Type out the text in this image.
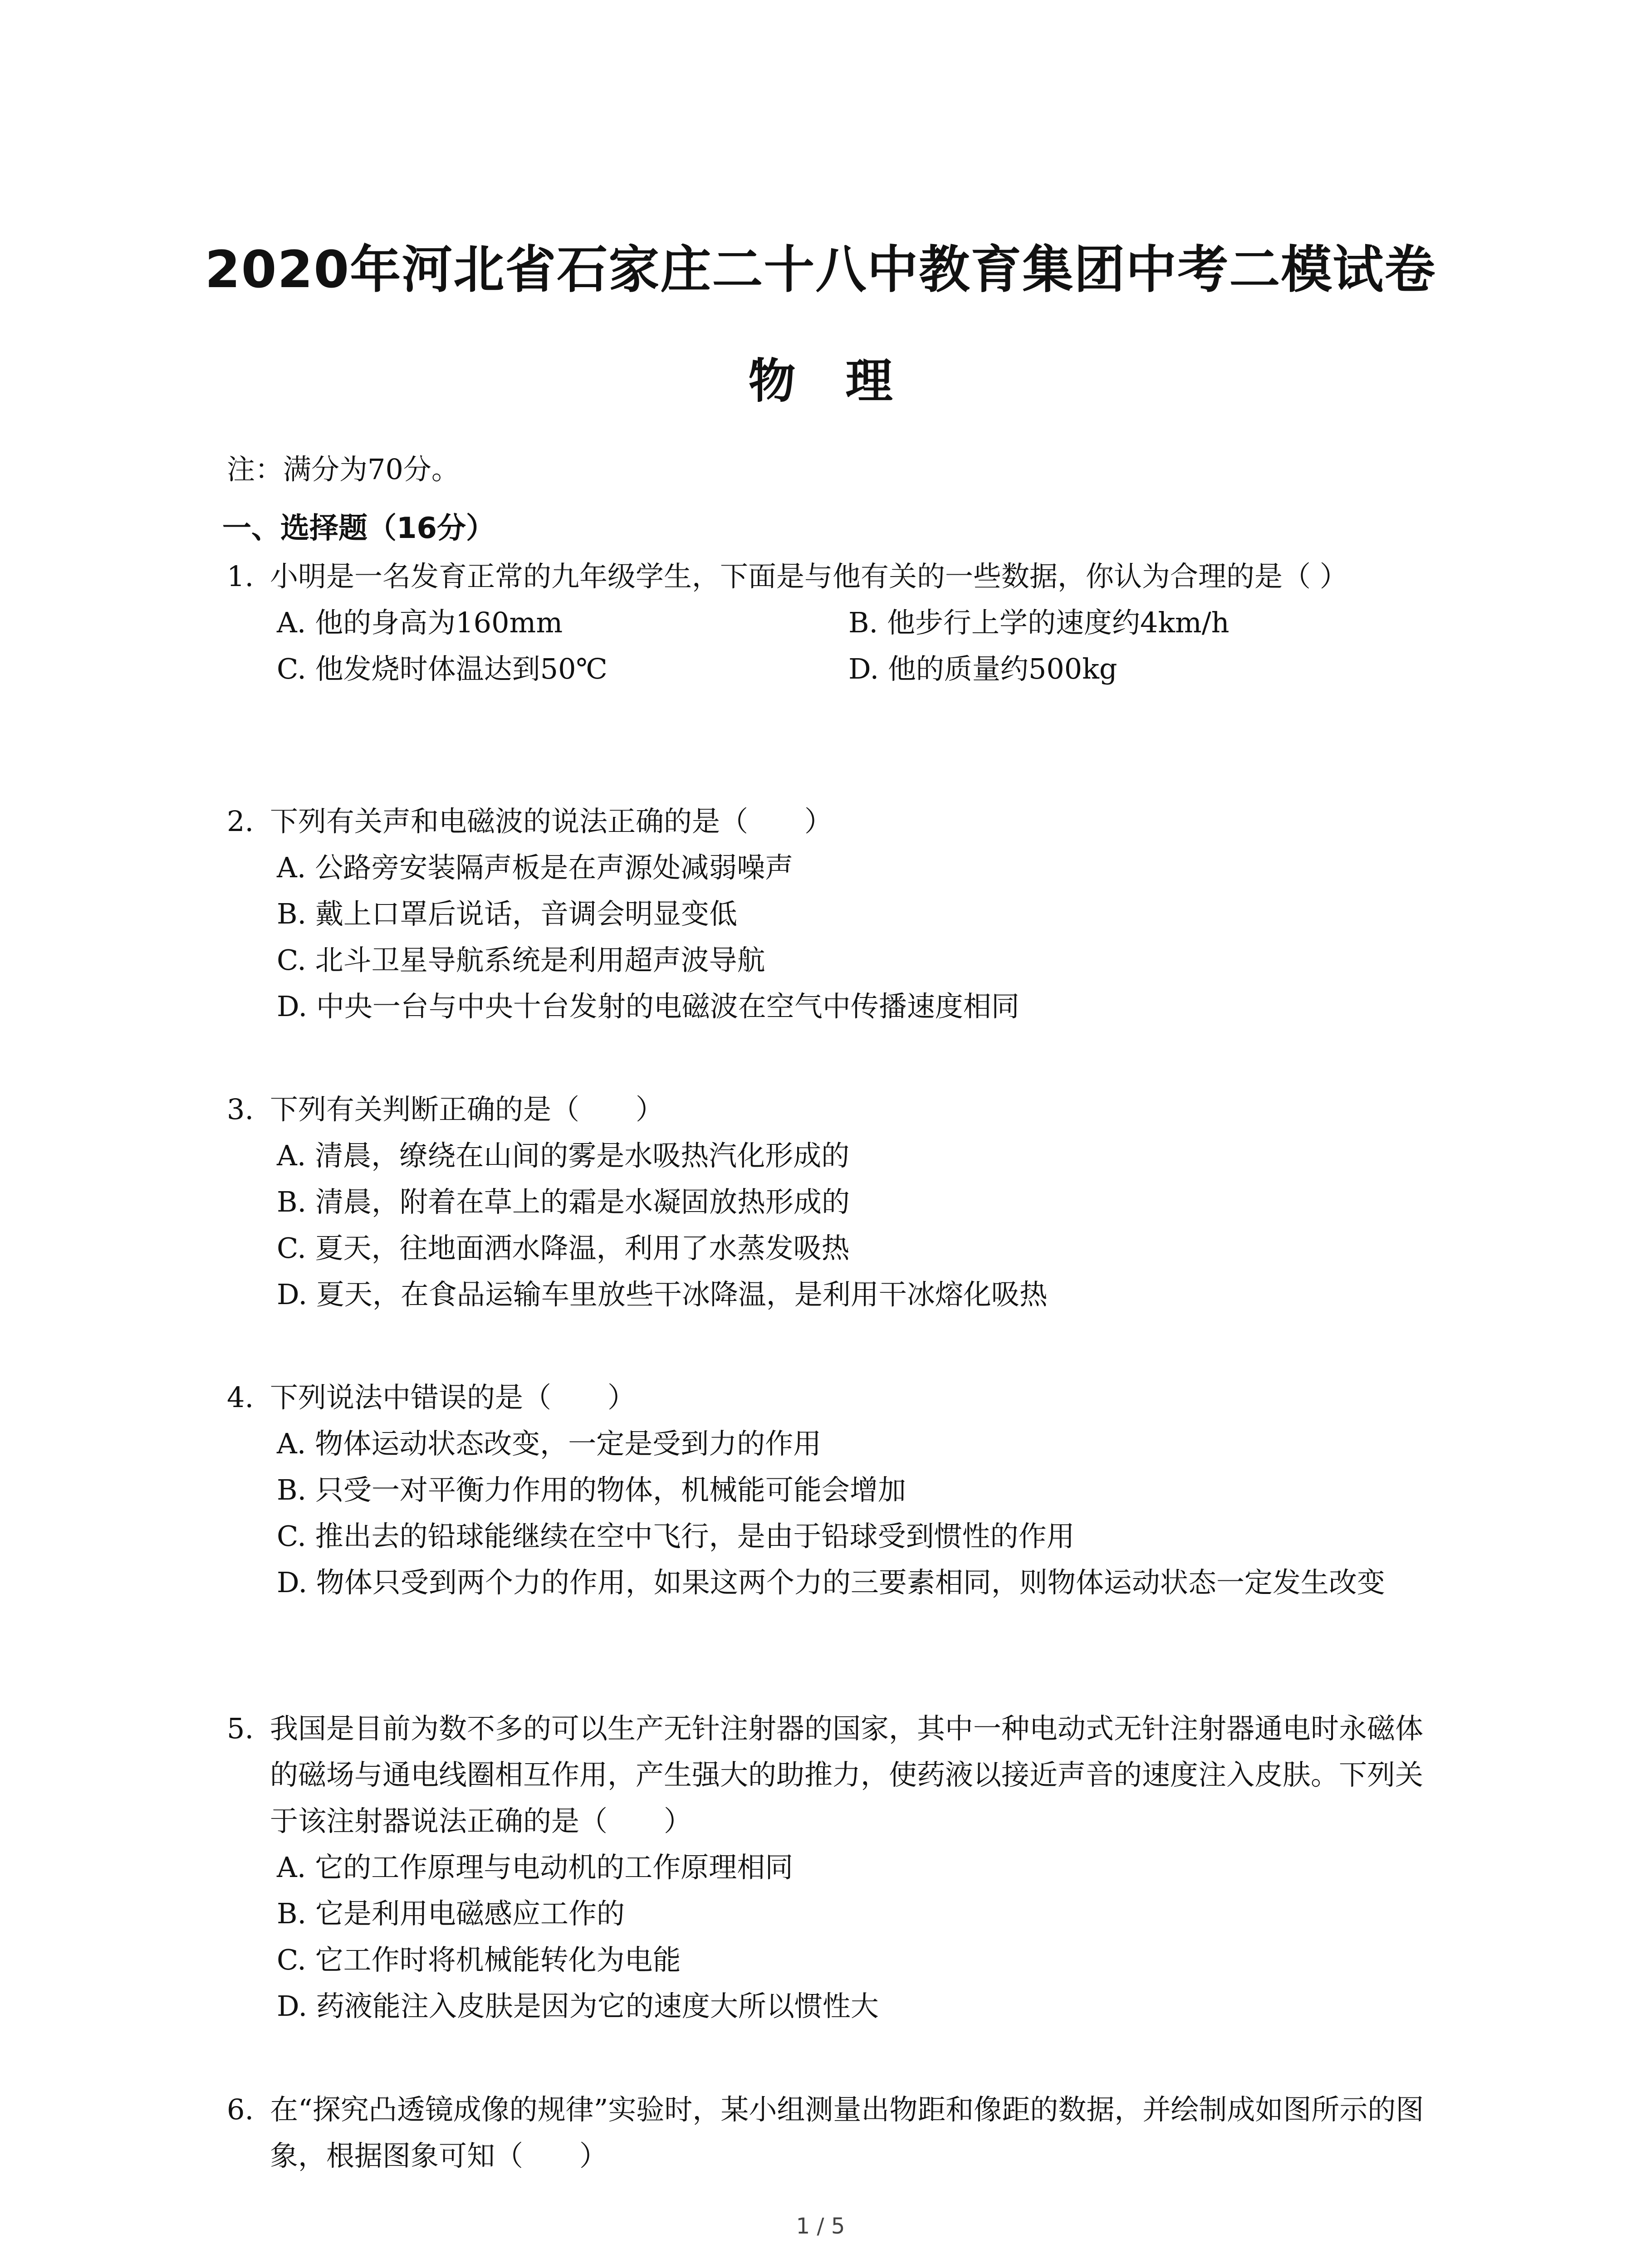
2020年河北省石家庄二十八中教育集团中考二模试卷
物理
注：满分为70分。
一、选择题（16分）
1. 小明是一名发育正常的九年级学生，下面是与他有关的一些数据，你认为合理的是（ ）
A. 他的身高为160mm	B. 他步行上学的速度约4km/h
C. 他发烧时体温达到50℃	D. 他的质量约500kg
2. 下列有关声和电磁波的说法正确的是（　　）
A. 公路旁安装隔声板是在声源处减弱噪声
B. 戴上口罩后说话，音调会明显变低
C. 北斗卫星导航系统是利用超声波导航
D. 中央一台与中央十台发射的电磁波在空气中传播速度相同
3. 下列有关判断正确的是（　　）
A. 清晨，缭绕在山间的雾是水吸热汽化形成的
B. 清晨，附着在草上的霜是水凝固放热形成的
C. 夏天，往地面洒水降温，利用了水蒸发吸热
D. 夏天，在食品运输车里放些干冰降温，是利用干冰熔化吸热
4. 下列说法中错误的是（　　）
A. 物体运动状态改变，一定是受到力的作用
B. 只受一对平衡力作用的物体，机械能可能会增加
C. 推出去的铅球能继续在空中飞行，是由于铅球受到惯性的作用
D. 物体只受到两个力的作用，如果这两个力的三要素相同，则物体运动状态一定发生改变
5. 我国是目前为数不多的可以生产无针注射器的国家，其中一种电动式无针注射器通电时永磁体的磁场与通电线圈相互作用，产生强大的助推力，使药液以接近声音的速度注入皮肤。下列关于该注射器说法正确的是（　　）
A. 它的工作原理与电动机的工作原理相同
B. 它是利用电磁感应工作的
C. 它工作时将机械能转化为电能
D. 药液能注入皮肤是因为它的速度大所以惯性大
6. 在“探究凸透镜成像的规律”实验时，某小组测量出物距和像距的数据，并绘制成如图所示的图象，根据图象可知（　　）
1 / 5
